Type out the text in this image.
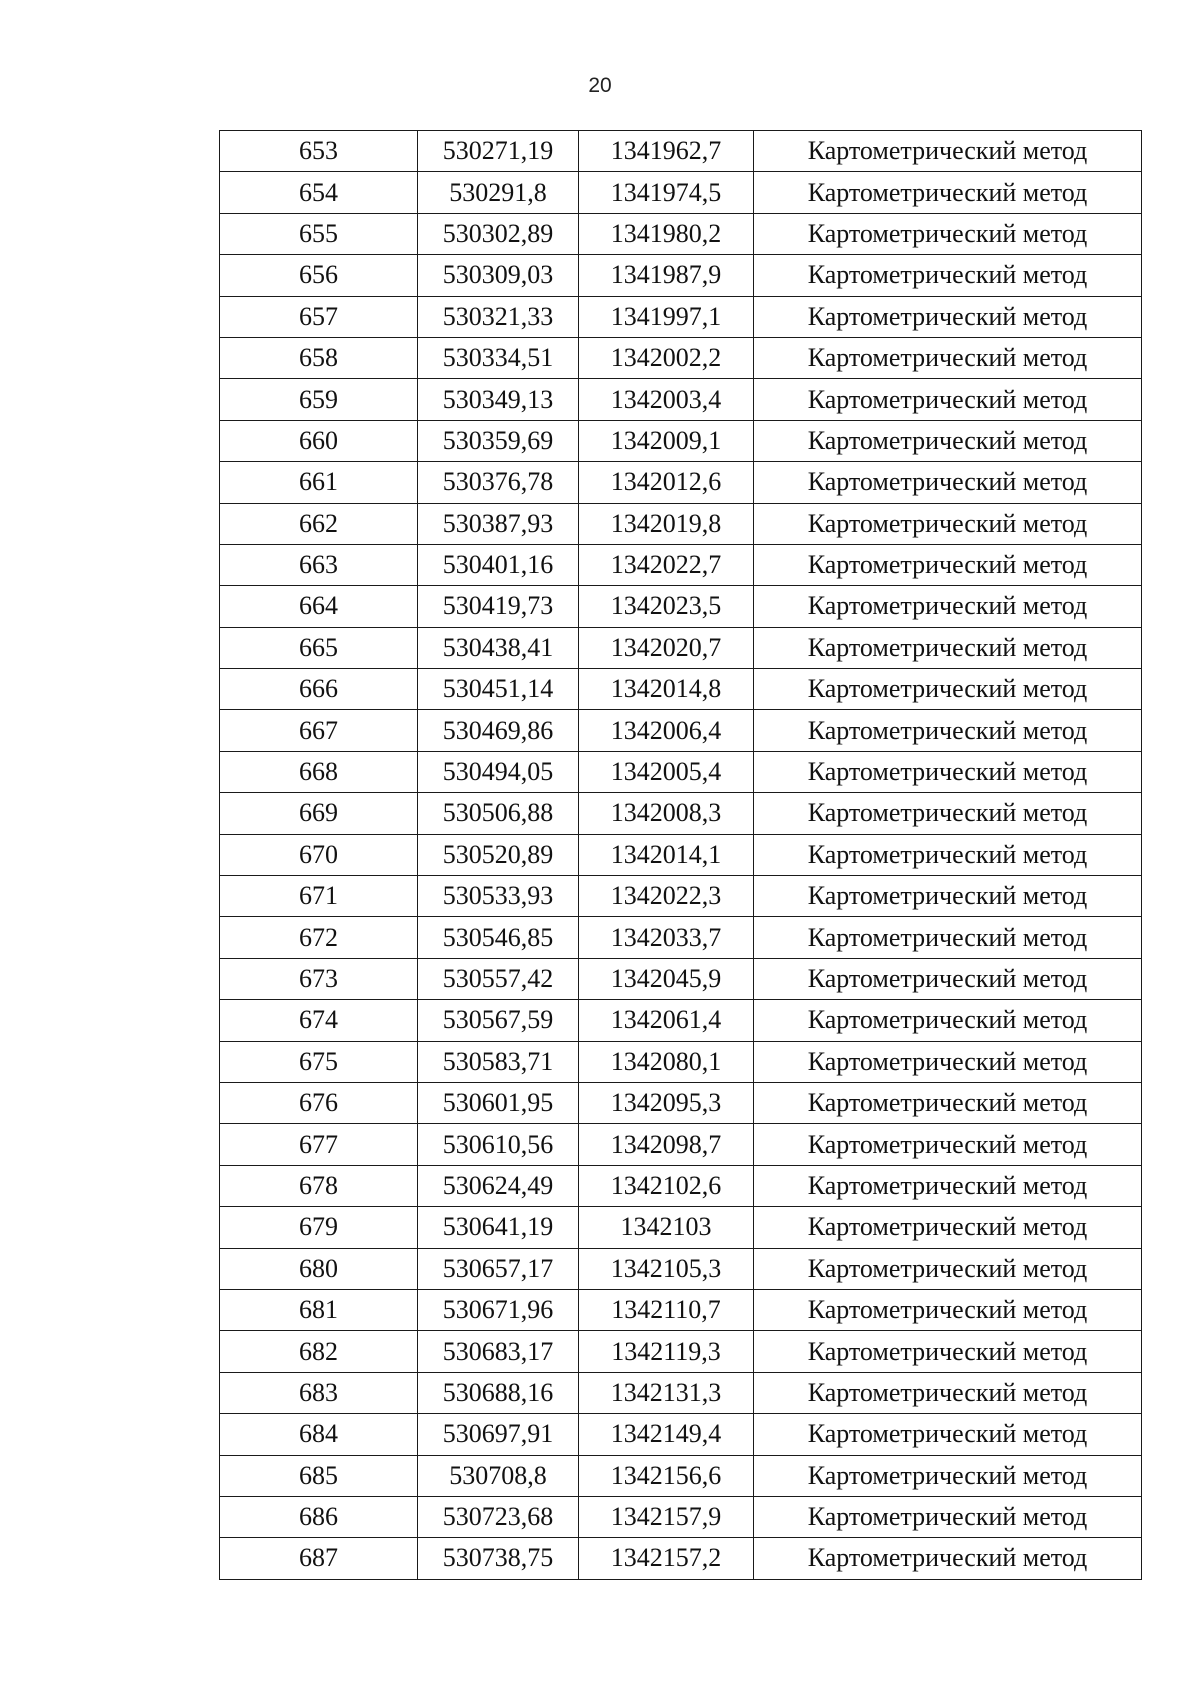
20
653	530271,19	1341962,7	Картометрический метод
654	530291,8	1341974,5	Картометрический метод
655	530302,89	1341980,2	Картометрический метод
656	530309,03	1341987,9	Картометрический метод
657	530321,33	1341997,1	Картометрический метод
658	530334,51	1342002,2	Картометрический метод
659	530349,13	1342003,4	Картометрический метод
660	530359,69	1342009,1	Картометрический метод
661	530376,78	1342012,6	Картометрический метод
662	530387,93	1342019,8	Картометрический метод
663	530401,16	1342022,7	Картометрический метод
664	530419,73	1342023,5	Картометрический метод
665	530438,41	1342020,7	Картометрический метод
666	530451,14	1342014,8	Картометрический метод
667	530469,86	1342006,4	Картометрический метод
668	530494,05	1342005,4	Картометрический метод
669	530506,88	1342008,3	Картометрический метод
670	530520,89	1342014,1	Картометрический метод
671	530533,93	1342022,3	Картометрический метод
672	530546,85	1342033,7	Картометрический метод
673	530557,42	1342045,9	Картометрический метод
674	530567,59	1342061,4	Картометрический метод
675	530583,71	1342080,1	Картометрический метод
676	530601,95	1342095,3	Картометрический метод
677	530610,56	1342098,7	Картометрический метод
678	530624,49	1342102,6	Картометрический метод
679	530641,19	1342103	Картометрический метод
680	530657,17	1342105,3	Картометрический метод
681	530671,96	1342110,7	Картометрический метод
682	530683,17	1342119,3	Картометрический метод
683	530688,16	1342131,3	Картометрический метод
684	530697,91	1342149,4	Картометрический метод
685	530708,8	1342156,6	Картометрический метод
686	530723,68	1342157,9	Картометрический метод
687	530738,75	1342157,2	Картометрический метод
